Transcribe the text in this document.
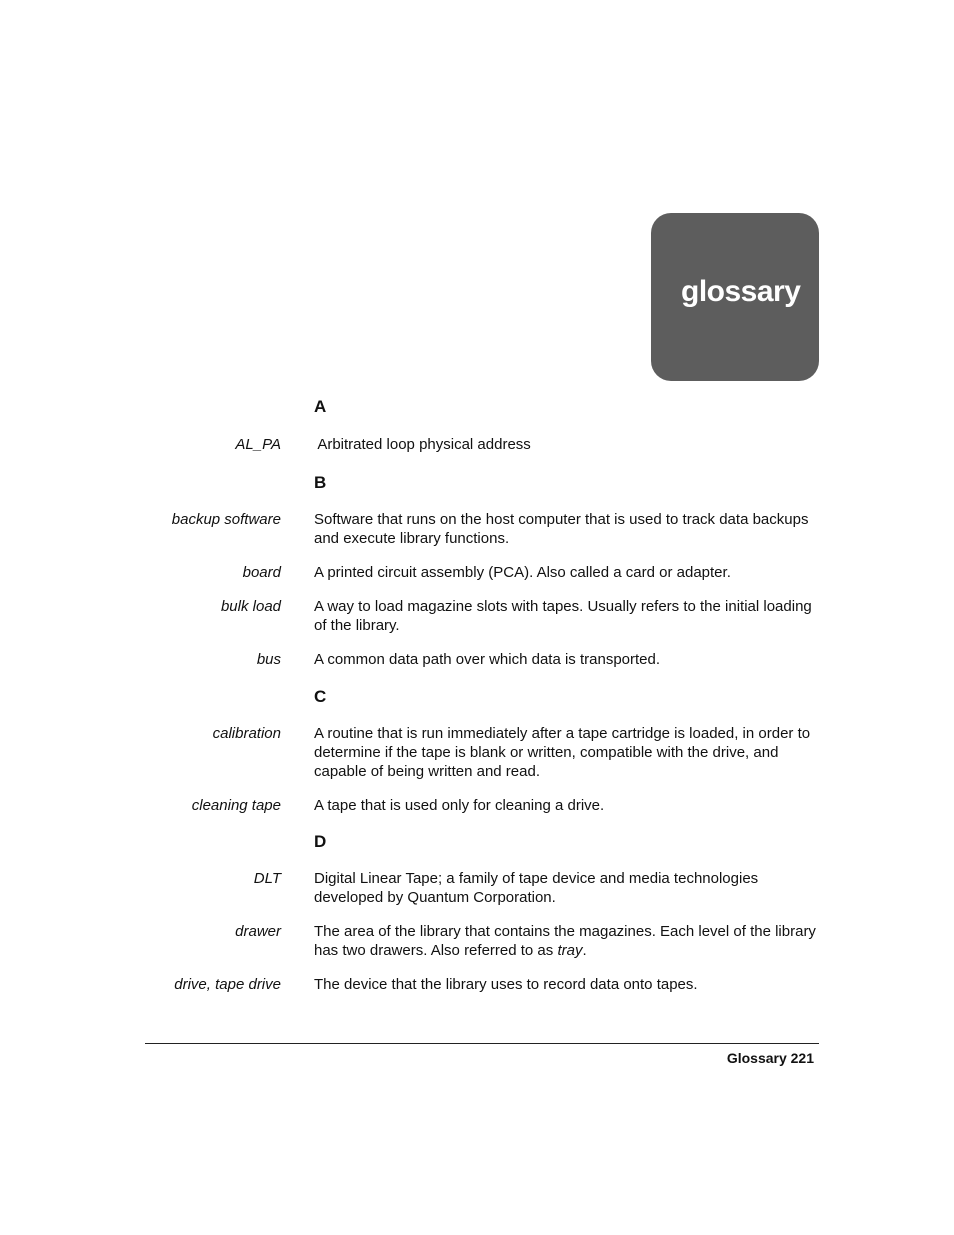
glossary
A
AL_PA Arbitrated loop physical address
B
backup software Software that runs on the host computer that is used to track data backups and execute library functions.
board A printed circuit assembly (PCA). Also called a card or adapter.
bulk load A way to load magazine slots with tapes. Usually refers to the initial loading of the library.
bus A common data path over which data is transported.
C
calibration A routine that is run immediately after a tape cartridge is loaded, in order to determine if the tape is blank or written, compatible with the drive, and capable of being written and read.
cleaning tape A tape that is used only for cleaning a drive.
D
DLT Digital Linear Tape; a family of tape device and media technologies developed by Quantum Corporation.
drawer The area of the library that contains the magazines. Each level of the library has two drawers. Also referred to as tray.
drive, tape drive The device that the library uses to record data onto tapes.
Glossary 221
